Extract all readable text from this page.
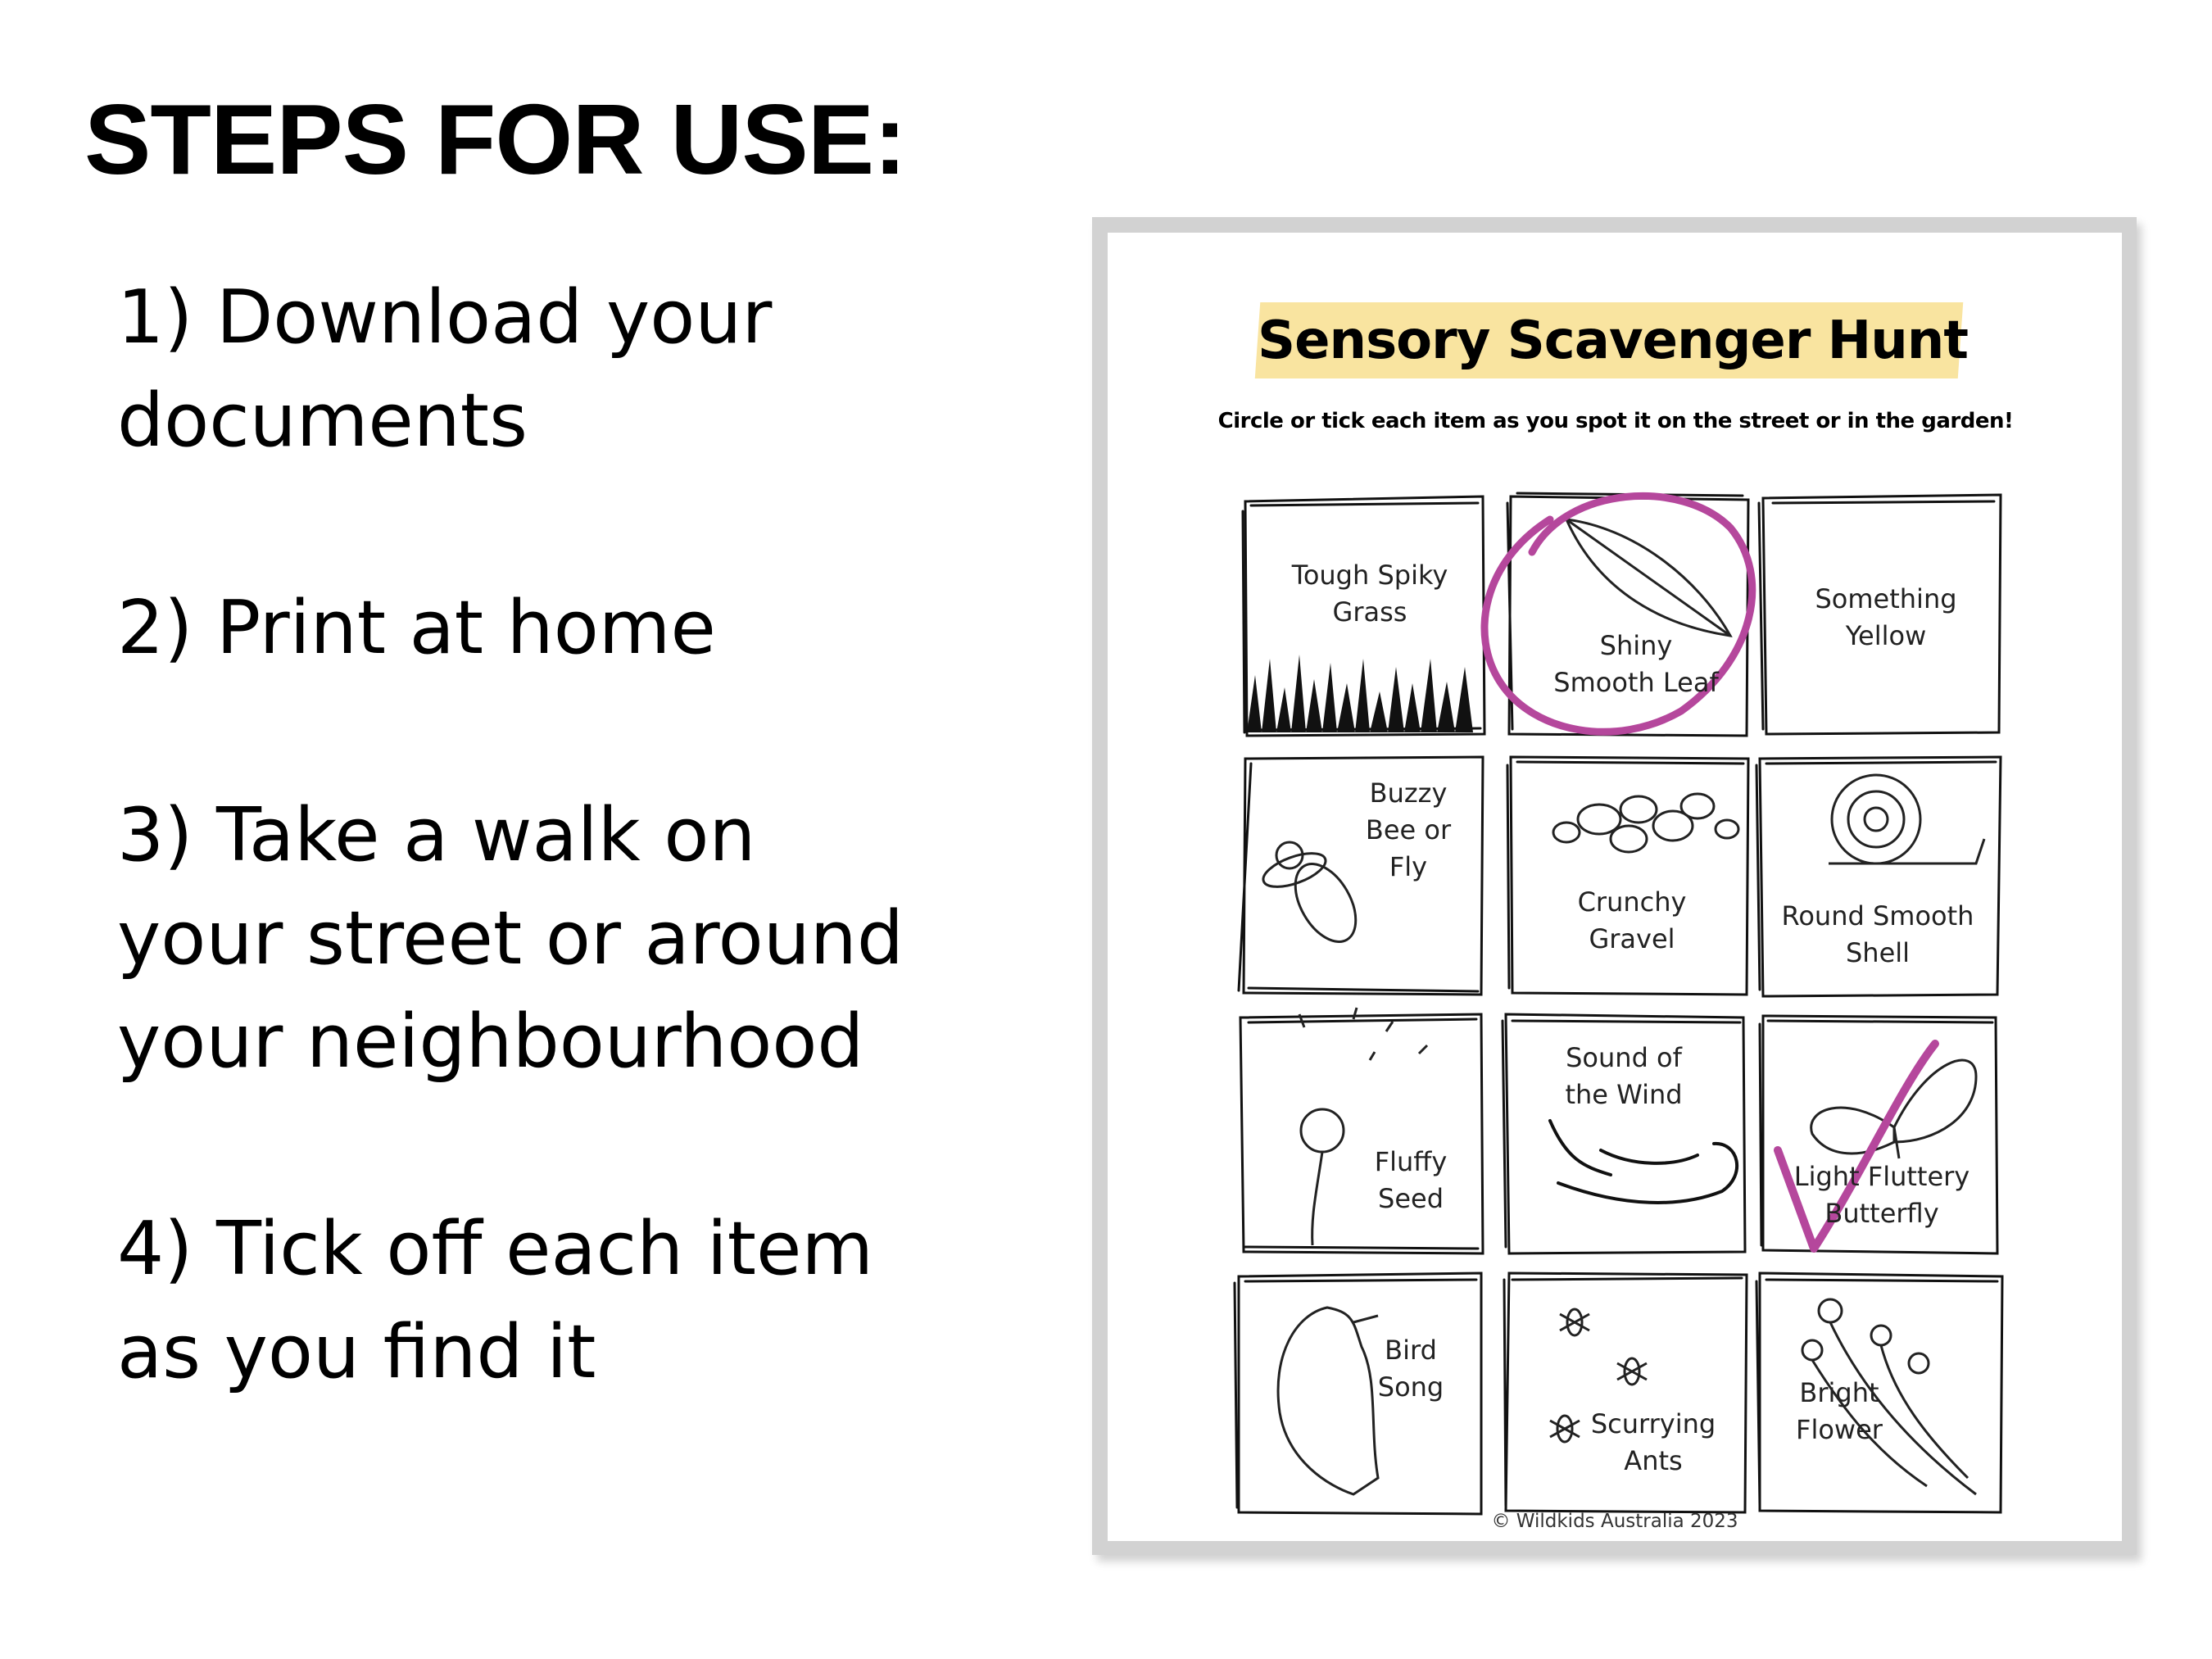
STEPS FOR USE:
1) Download your
documents
2) Print at home
3) Take a walk on
your street or around
your neighbourhood
4) Tick off each item
as you find it
Sensory Scavenger Hunt
Circle or tick each item as you spot it on the street or in the garden!
Tough Spiky
Grass
Shiny
Smooth Leaf
Something
Yellow
Buzzy
Bee or
Fly
Crunchy
Gravel
Round Smooth
Shell
Fluffy
Seed
Sound of
the Wind
Light Fluttery
Butterfly
Bird
Song
Scurrying
Ants
Bright
Flower
© Wildkids Australia 2023
